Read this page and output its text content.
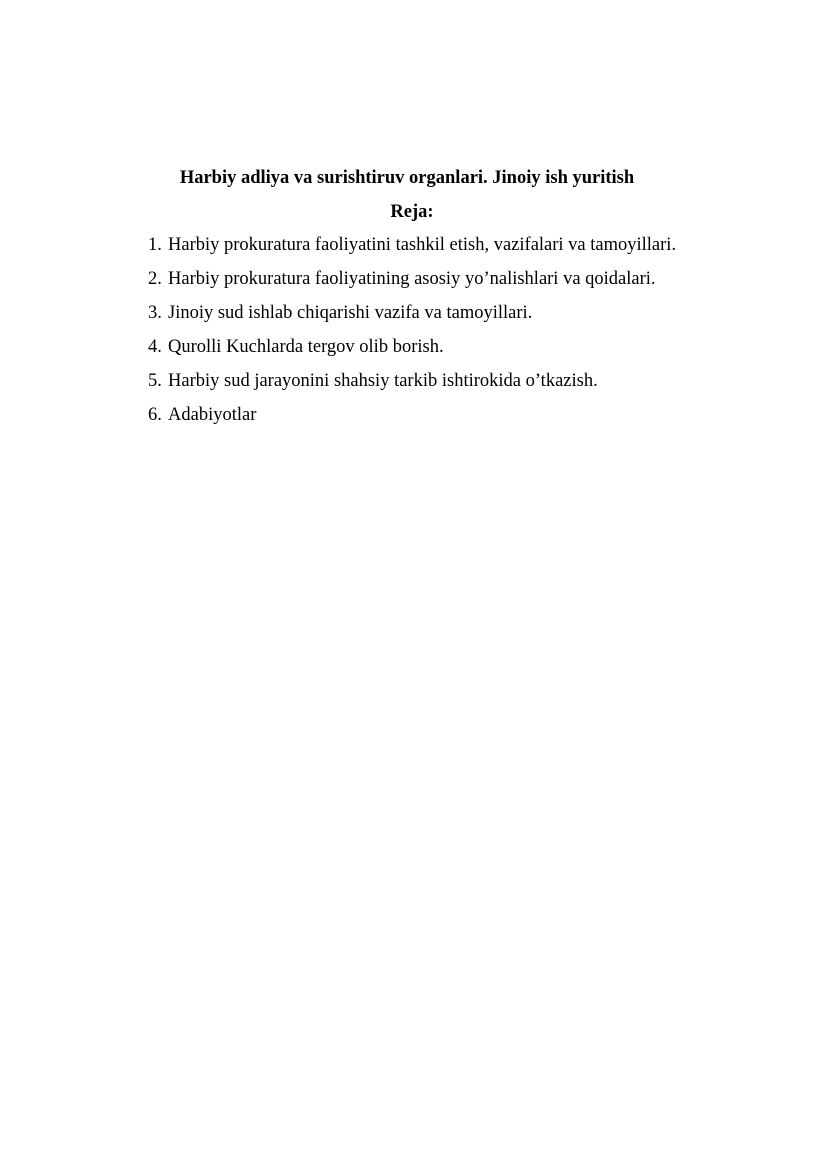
Harbiy adliya va surishtiruv organlari. Jinoiy ish yuritish
Reja:
1. Harbiy prokuratura faoliyatini tashkil etish, vazifalari va tamoyillari.
2. Harbiy prokuratura faoliyatining asosiy yo’nalishlari va qoidalari.
3. Jinoiy sud ishlab chiqarishi vazifa va tamoyillari.
4. Qurolli Kuchlarda tergov olib borish.
5. Harbiy sud jarayonini shahsiy tarkib ishtirokida o’tkazish.
6. Adabiyotlar
